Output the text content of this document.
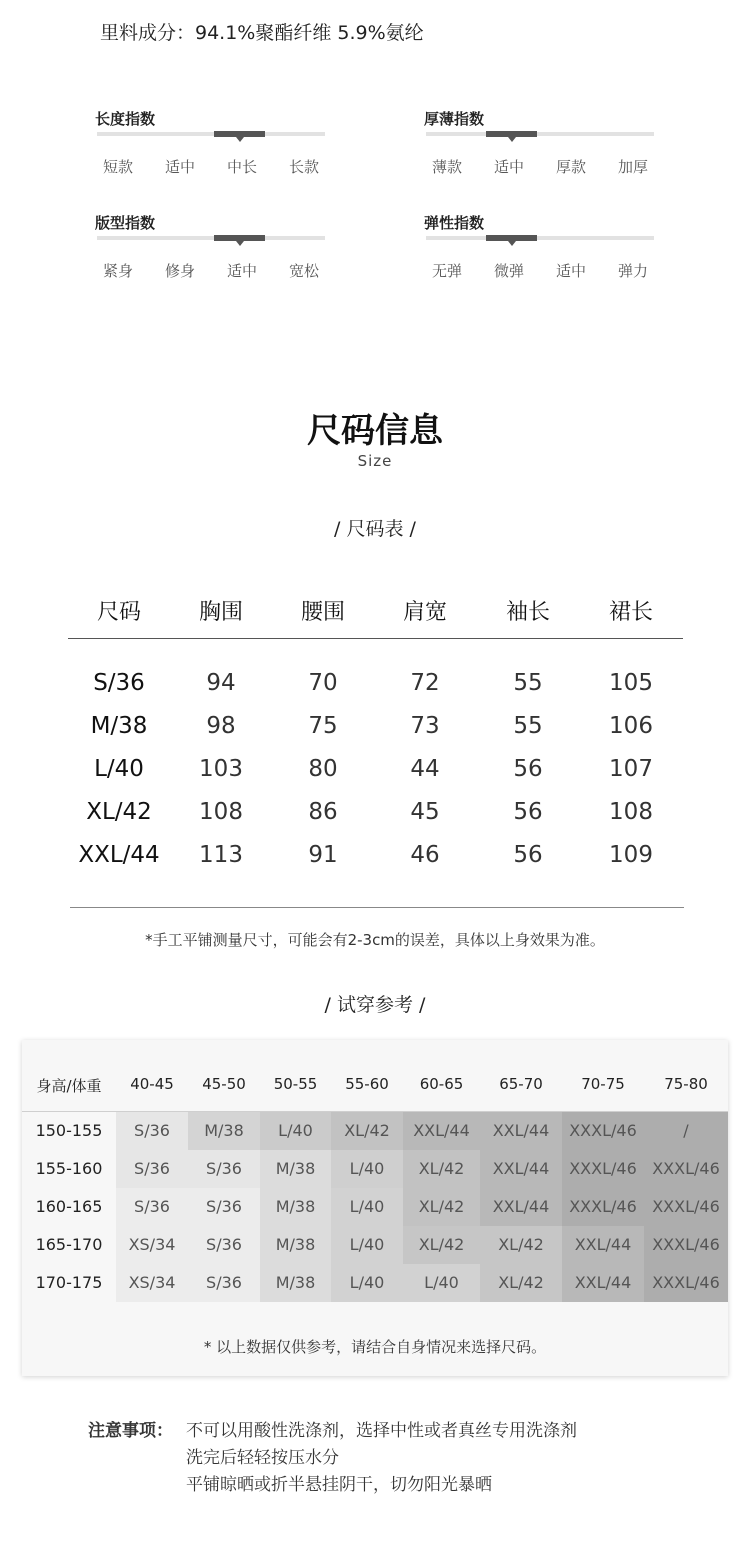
里料成分：94.1%聚酯纤维 5.9%氨纶
长度指数
短款	适中	中长	长款
厚薄指数
薄款	适中	厚款	加厚
版型指数
紧身	修身	适中	宽松
弹性指数
无弹	微弹	适中	弹力
尺码信息
Size
/ 尺码表 /
尺码	胸围	腰围	肩宽	袖长	裙长
S/36	94	70	72	55	105
M/38	98	75	73	55	106
L/40	103	80	44	56	107
XL/42	108	86	45	56	108
XXL/44	113	91	46	56	109
*手工平铺测量尺寸，可能会有2-3cm的误差，具体以上身效果为准。
/ 试穿参考 /
身高/体重	40-45	45-50	50-55	55-60	60-65	65-70	70-75	75-80
150-155	S/36	M/38	L/40	XL/42	XXL/44	XXL/44	XXXL/46	/
155-160	S/36	S/36	M/38	L/40	XL/42	XXL/44	XXXL/46 XXXL/46
160-165	S/36	S/36	M/38	L/40	XL/42	XXL/44	XXXL/46 XXXL/46
165-170	XS/34	S/36	M/38	L/40	XL/42	XL/42	XXL/44	XXXL/46
170-175	XS/34	S/36	M/38	L/40	L/40	XL/42	XXL/44	XXXL/46
* 以上数据仅供参考，请结合自身情况来选择尺码。
注意事项： 不可以用酸性洗涤剂，选择中性或者真丝专用洗涤剂
洗完后轻轻按压水分
平铺晾晒或折半悬挂阴干，切勿阳光暴晒
